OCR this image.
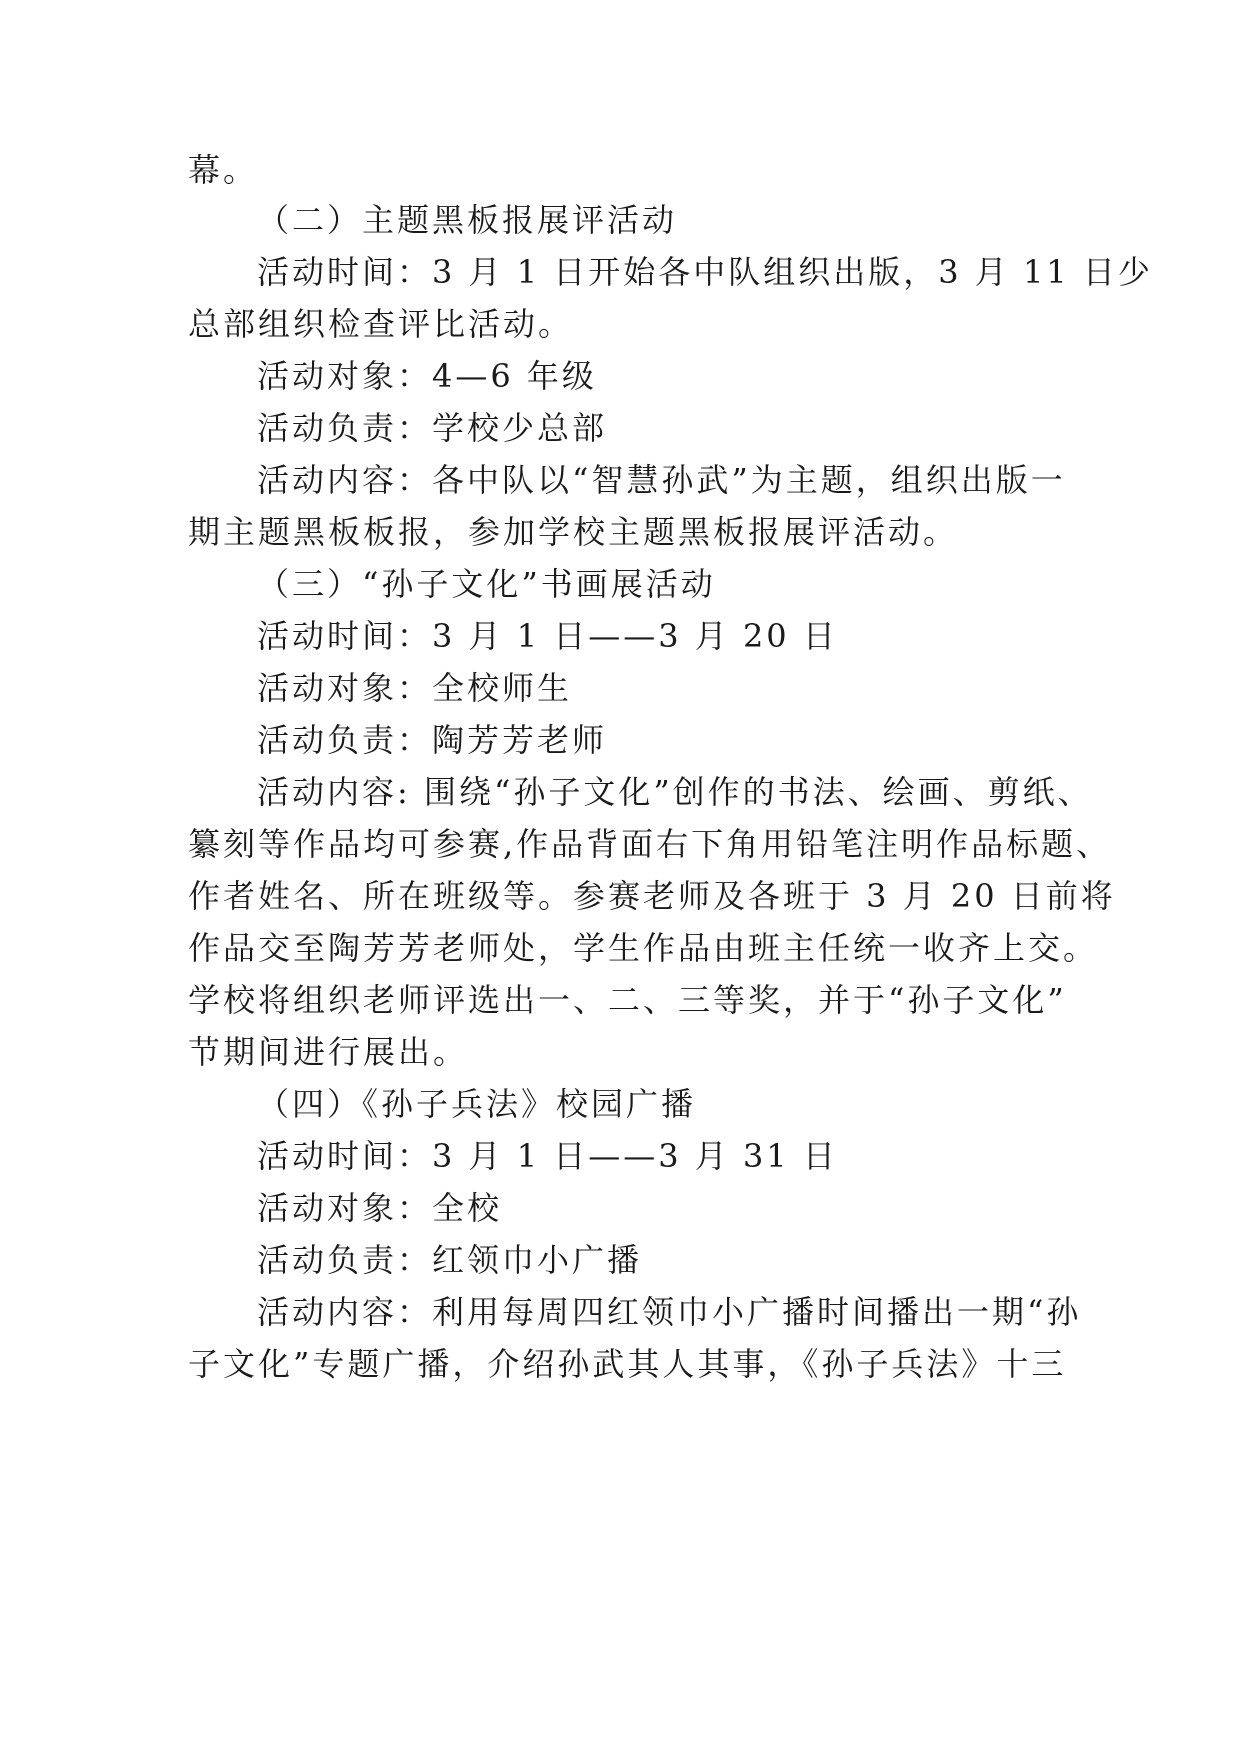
幕。
（二）主题黑板报展评活动
活动时间：3 月 1 日开始各中队组织出版，3 月 11 日少
总部组织检查评比活动。
活动对象：4—6 年级
活动负责：学校少总部
活动内容：各中队以“智慧孙武”为主题，组织出版一
期主题黑板板报，参加学校主题黑板报展评活动。
（三）“孙子文化”书画展活动
活动时间：3 月 1 日——3 月 20 日
活动对象：全校师生
活动负责：陶芳芳老师
活动内容: 围绕“孙子文化”创作的书法、绘画、剪纸、
纂刻等作品均可参赛,作品背面右下角用铅笔注明作品标题、
作者姓名、所在班级等。参赛老师及各班于 3 月 20 日前将
作品交至陶芳芳老师处，学生作品由班主任统一收齐上交。
学校将组织老师评选出一、二、三等奖，并于“孙子文化”
节期间进行展出。
（四）《孙子兵法》校园广播
活动时间：3 月 1 日——3 月 31 日
活动对象：全校
活动负责：红领巾小广播
活动内容：利用每周四红领巾小广播时间播出一期“孙
子文化”专题广播，介绍孙武其人其事，《孙子兵法》十三
